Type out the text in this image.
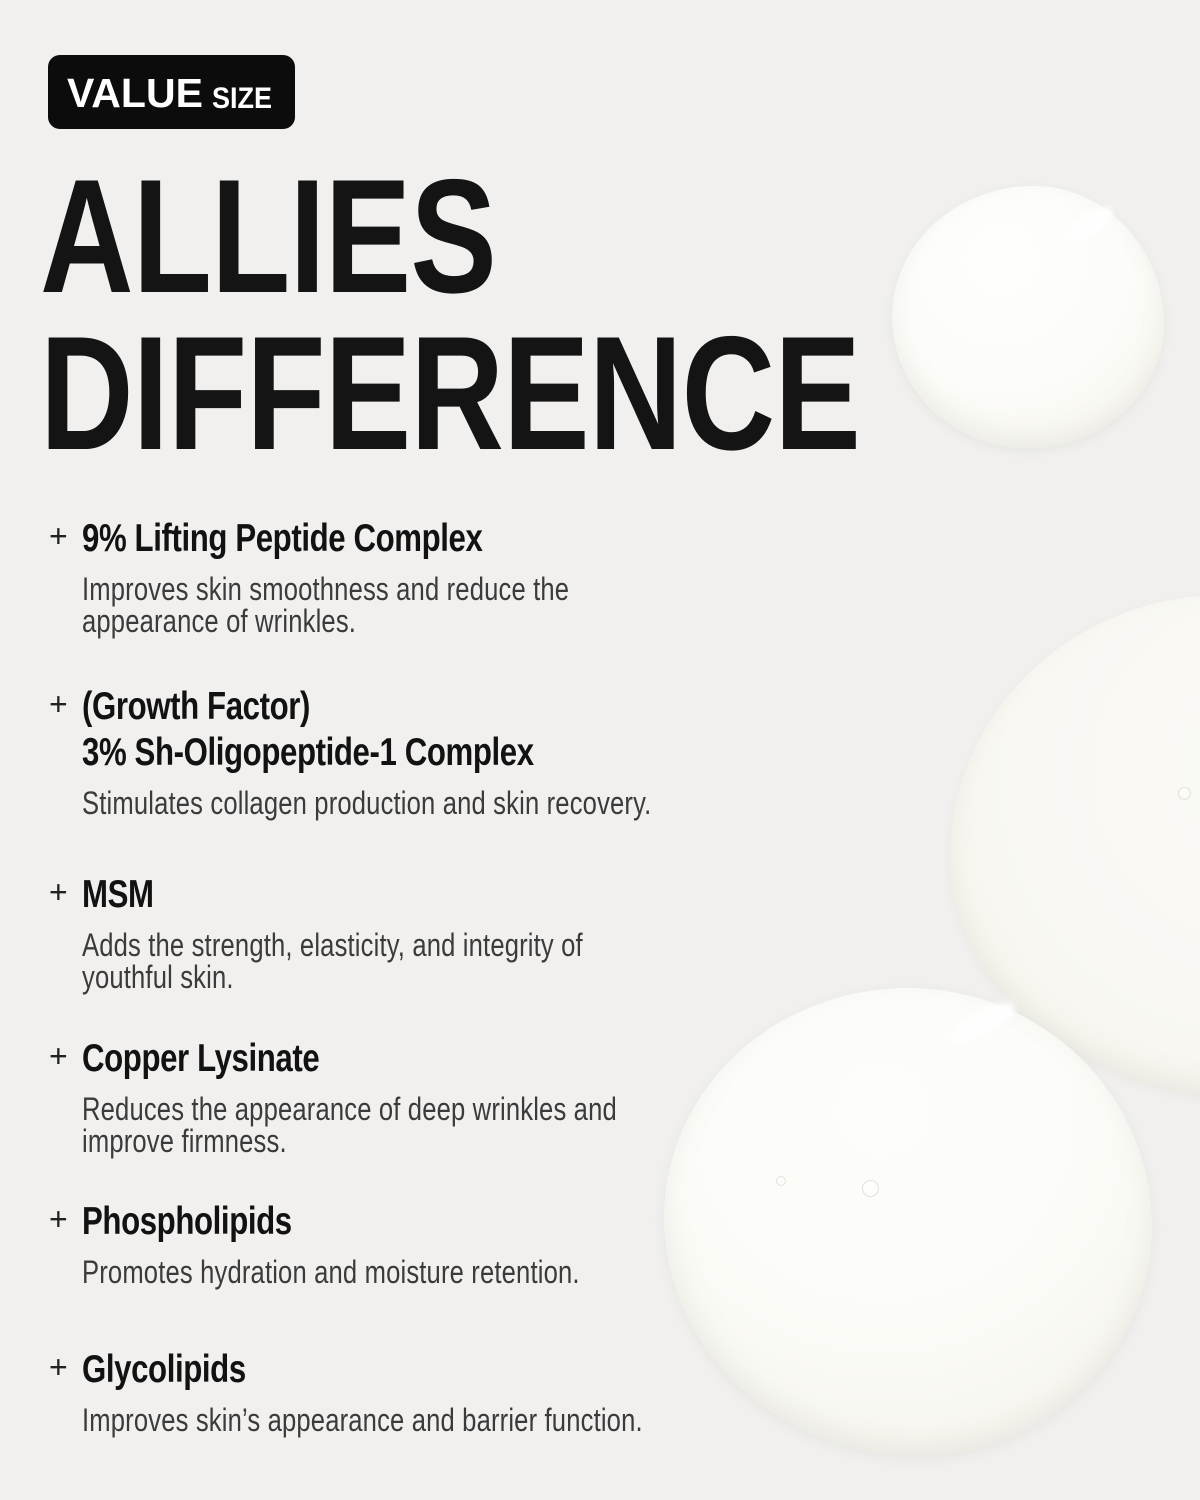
VALUE SIZE
ALLIES
DIFFERENCE
+ 9% Lifting Peptide Complex
Improves skin smoothness and reduce the
appearance of wrinkles.
+ (Growth Factor)
3% Sh-Oligopeptide-1 Complex
Stimulates collagen production and skin recovery.
+ MSM
Adds the strength, elasticity, and integrity of
youthful skin.
+ Copper Lysinate
Reduces the appearance of deep wrinkles and
improve firmness.
+ Phospholipids
Promotes hydration and moisture retention.
+ Glycolipids
Improves skin’s appearance and barrier function.
